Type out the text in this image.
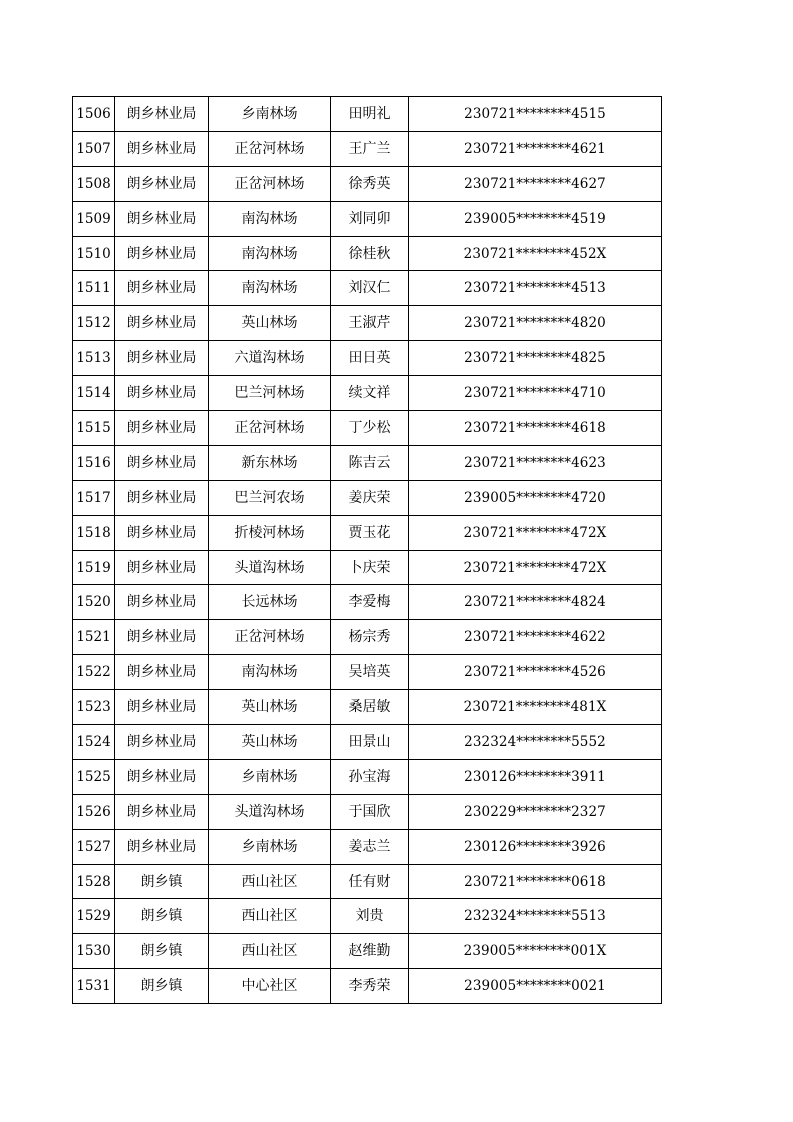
1506	朗乡林业局	乡南林场	田明礼	230721********4515
1507	朗乡林业局	正岔河林场	王广兰	230721********4621
1508	朗乡林业局	正岔河林场	徐秀英	230721********4627
1509	朗乡林业局	南沟林场	刘同卯	239005********4519
1510	朗乡林业局	南沟林场	徐桂秋	230721********452X
1511	朗乡林业局	南沟林场	刘汉仁	230721********4513
1512	朗乡林业局	英山林场	王淑芹	230721********4820
1513	朗乡林业局	六道沟林场	田日英	230721********4825
1514	朗乡林业局	巴兰河林场	续文祥	230721********4710
1515	朗乡林业局	正岔河林场	丁少松	230721********4618
1516	朗乡林业局	新东林场	陈吉云	230721********4623
1517	朗乡林业局	巴兰河农场	姜庆荣	239005********4720
1518	朗乡林业局	折棱河林场	贾玉花	230721********472X
1519	朗乡林业局	头道沟林场	卜庆荣	230721********472X
1520	朗乡林业局	长远林场	李爱梅	230721********4824
1521	朗乡林业局	正岔河林场	杨宗秀	230721********4622
1522	朗乡林业局	南沟林场	吴培英	230721********4526
1523	朗乡林业局	英山林场	桑居敏	230721********481X
1524	朗乡林业局	英山林场	田景山	232324********5552
1525	朗乡林业局	乡南林场	孙宝海	230126********3911
1526	朗乡林业局	头道沟林场	于国欣	230229********2327
1527	朗乡林业局	乡南林场	姜志兰	230126********3926
1528	朗乡镇	西山社区	任有财	230721********0618
1529	朗乡镇	西山社区	刘贵	232324********5513
1530	朗乡镇	西山社区	赵维勤	239005********001X
1531	朗乡镇	中心社区	李秀荣	239005********0021
